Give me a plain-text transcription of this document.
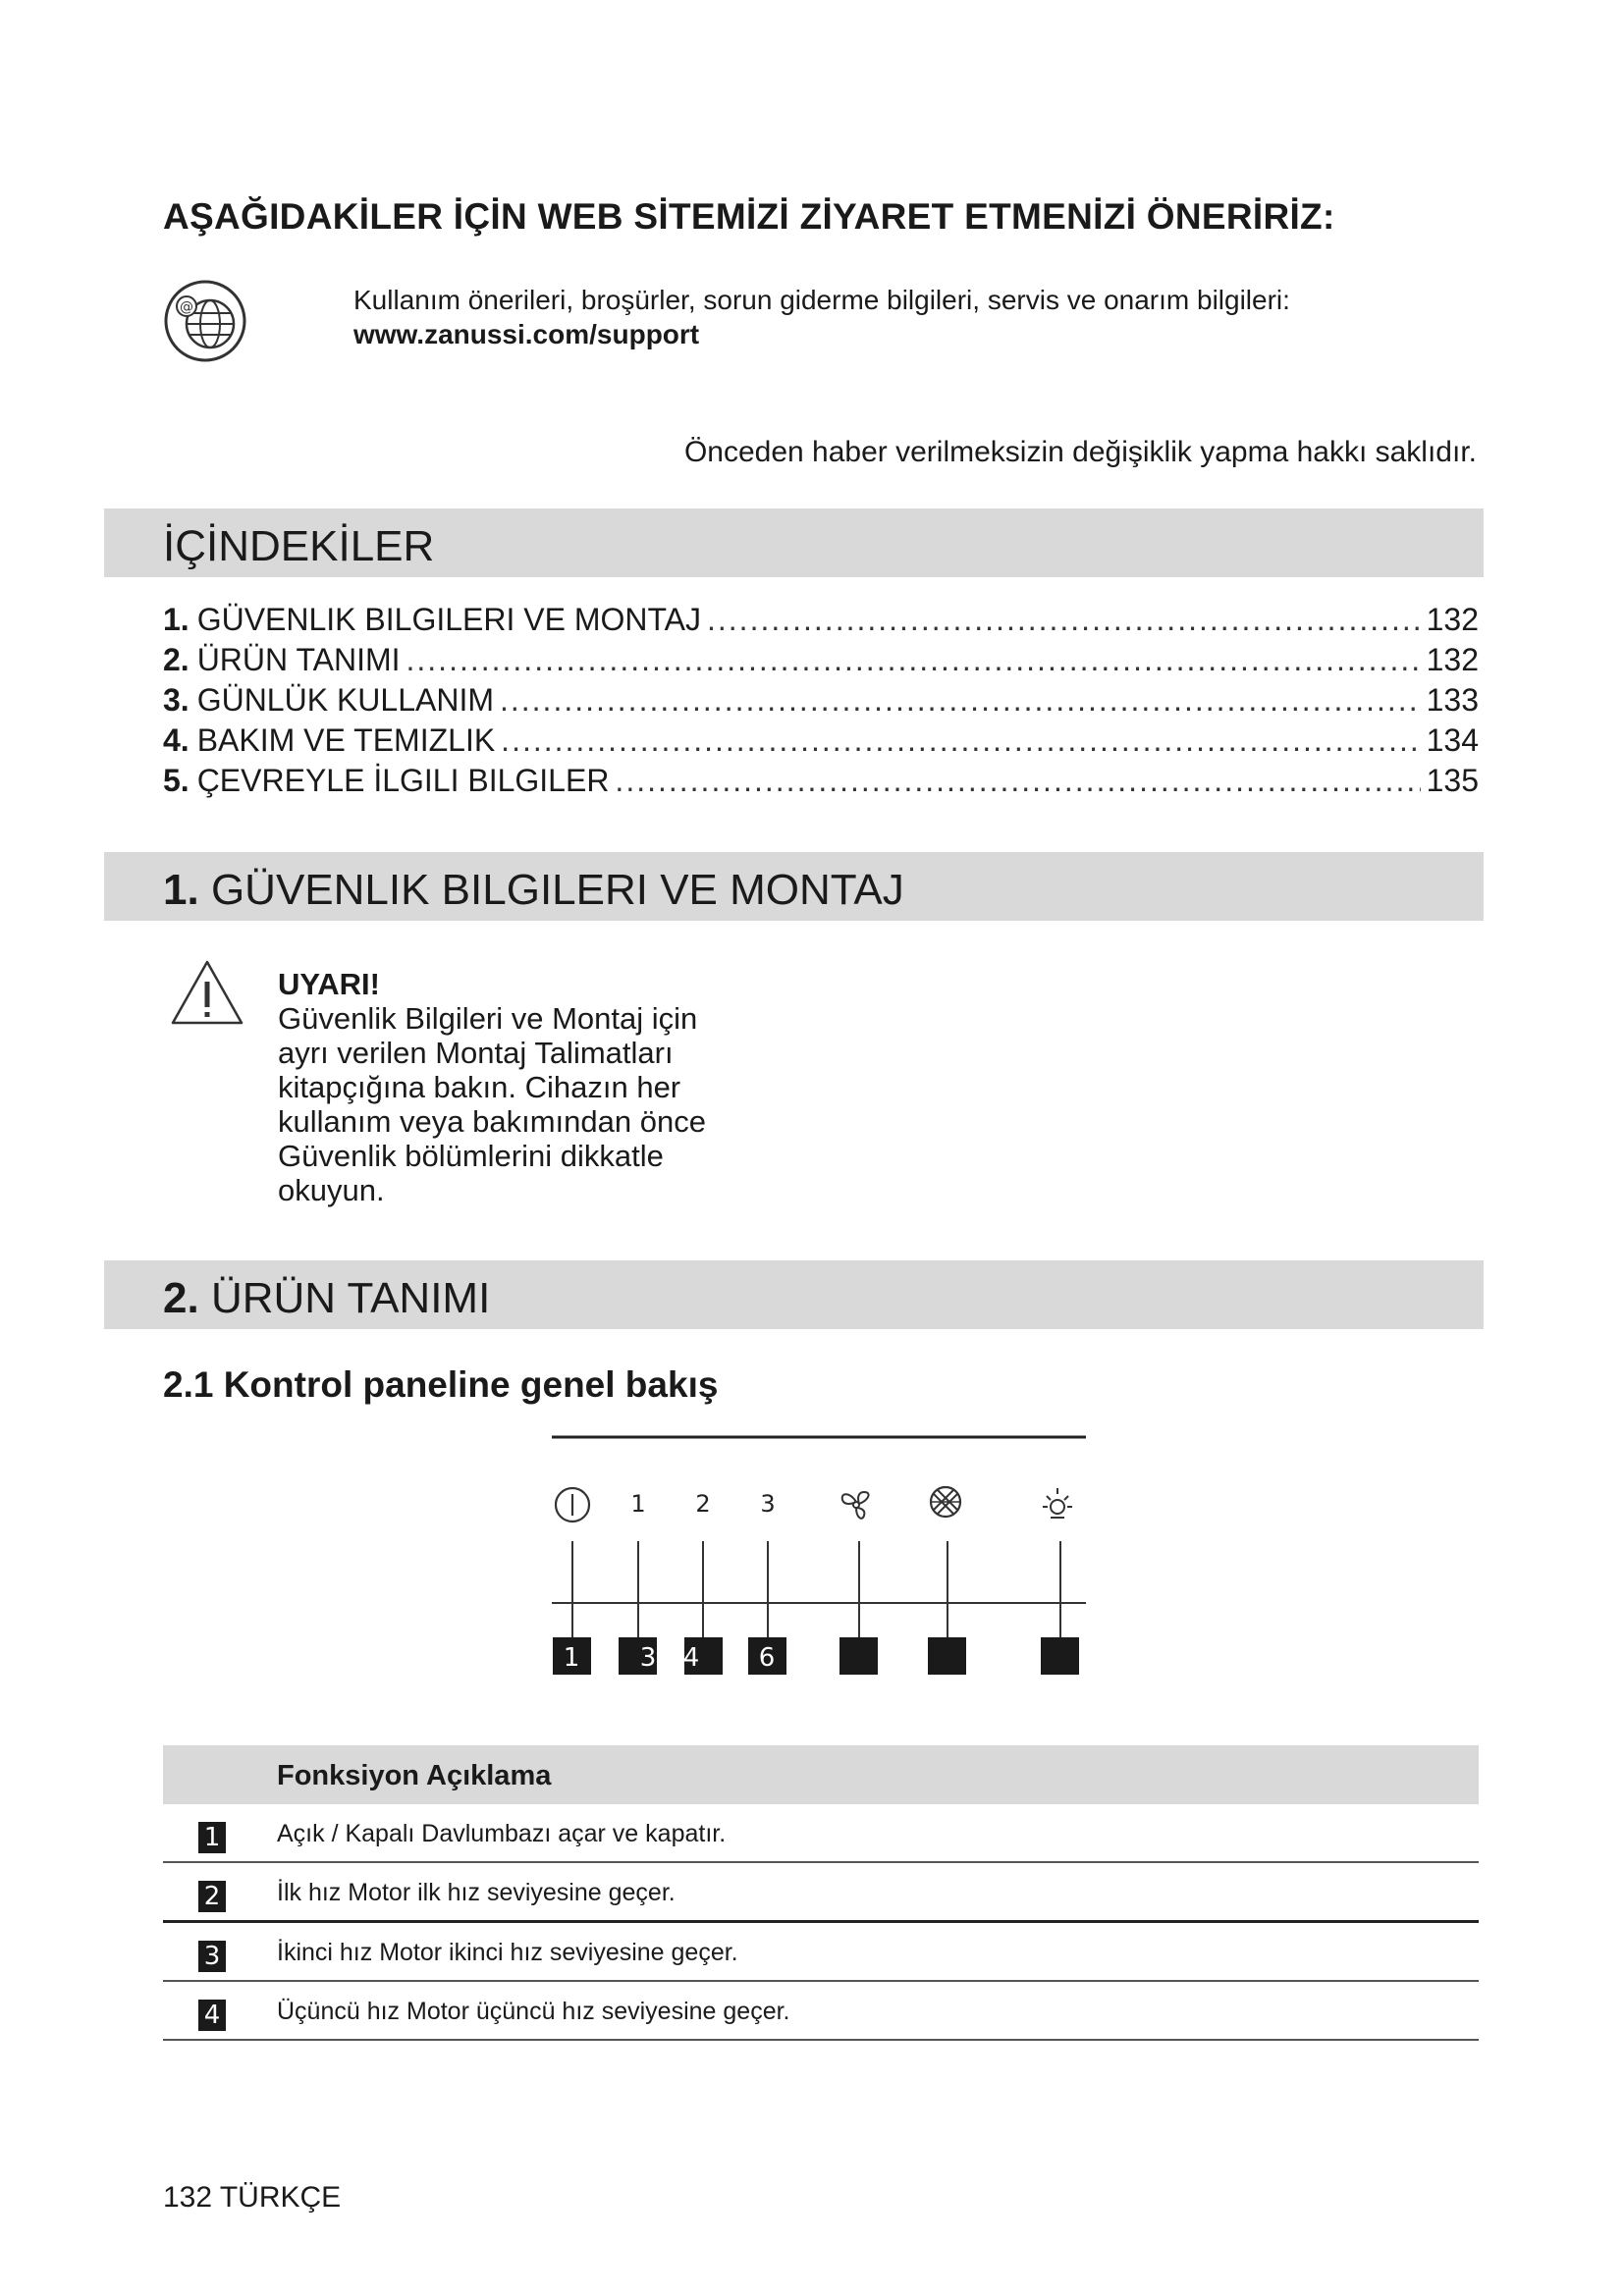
AŞAĞIDAKİLER İÇİN WEB SİTEMİZİ ZİYARET ETMENİZİ ÖNERİRİZ:
@	Kullanım önerileri, broşürler, sorun giderme bilgileri, servis ve onarım bilgileri:
www.zanussi.com/support
Önceden haber verilmeksizin değişiklik yapma hakkı saklıdır.
İÇİNDEKİLER
1. GÜVENLIK BILGILERI VE MONTAJ .....	132
2. ÜRÜN TANIMI .....	132
3. GÜNLÜK KULLANIM .....	133
4. BAKIM VE TEMIZLIK .....	134
5. ÇEVREYLE İLGILI BILGILER .....	135
1. GÜVENLIK BILGILERI VE MONTAJ
UYARI!
Güvenlik Bilgileri ve Montaj için ayrı verilen Montaj Talimatları kitapçığına bakın. Cihazın her kullanım veya bakımından önce Güvenlik bölümlerini dikkatle okuyun.
2. ÜRÜN TANIMI
2.1 Kontrol paneline genel bakış
1 2 3
1 3 4 6
Fonksiyon Açıklama
1 Açık / Kapalı Davlumbazı açar ve kapatır.
2 İlk hız Motor ilk hız seviyesine geçer.
3 İkinci hız Motor ikinci hız seviyesine geçer.
4 Üçüncü hız Motor üçüncü hız seviyesine geçer.
132 TÜRKÇE
